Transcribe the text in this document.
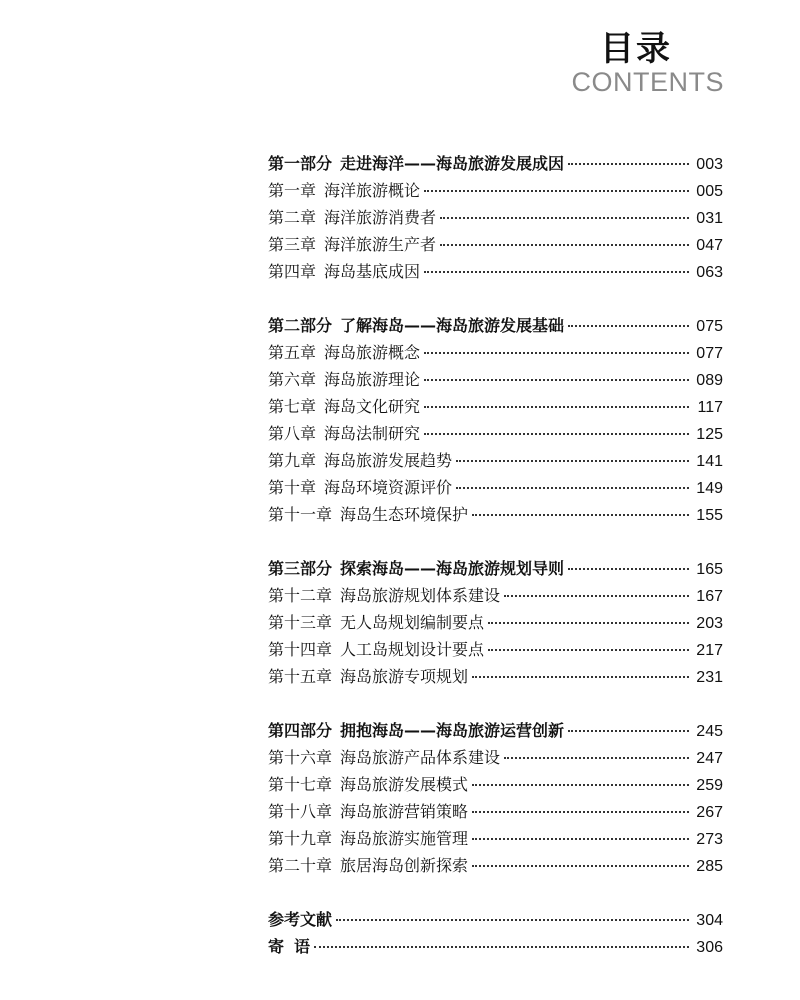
目录
CONTENTS
第一部分 走进海洋——海岛旅游发展成因	003
第一章 海洋旅游概论	005
第二章 海洋旅游消费者	031
第三章 海洋旅游生产者	047
第四章 海岛基底成因	063
第二部分 了解海岛——海岛旅游发展基础	075
第五章 海岛旅游概念	077
第六章 海岛旅游理论	089
第七章 海岛文化研究	117
第八章 海岛法制研究	125
第九章 海岛旅游发展趋势	141
第十章 海岛环境资源评价	149
第十一章 海岛生态环境保护	155
第三部分 探索海岛——海岛旅游规划导则	165
第十二章 海岛旅游规划体系建设	167
第十三章 无人岛规划编制要点	203
第十四章 人工岛规划设计要点	217
第十五章 海岛旅游专项规划	231
第四部分 拥抱海岛——海岛旅游运营创新	245
第十六章 海岛旅游产品体系建设	247
第十七章 海岛旅游发展模式	259
第十八章 海岛旅游营销策略	267
第十九章 海岛旅游实施管理	273
第二十章 旅居海岛创新探索	285
参考文献	304
寄语	306
